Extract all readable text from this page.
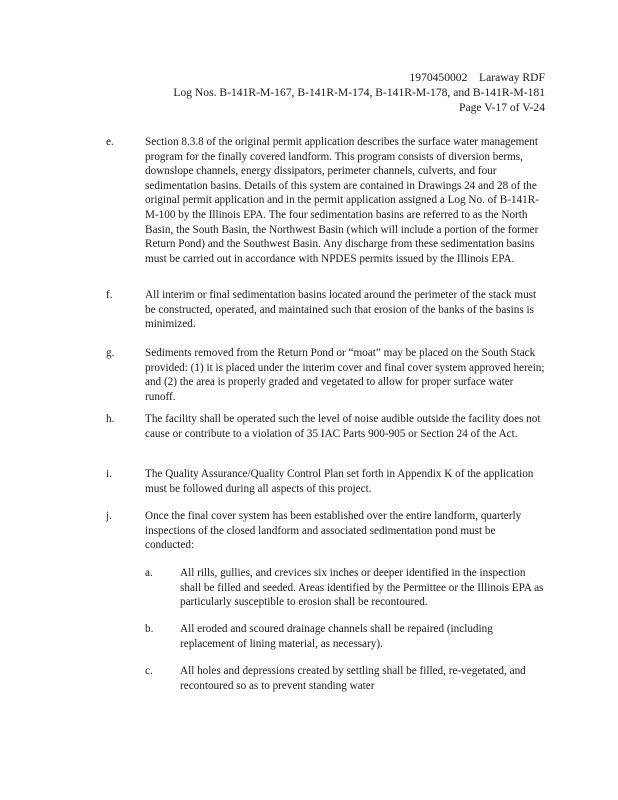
1970450002    Laraway RDF
Log Nos. B-141R-M-167, B-141R-M-174, B-141R-M-178, and B-141R-M-181
Page V-17 of V-24
e.	Section 8.3.8 of the original permit application describes the surface water management program for the finally covered landform. This program consists of diversion berms, downslope channels, energy dissipators, perimeter channels, culverts, and four sedimentation basins. Details of this system are contained in Drawings 24 and 28 of the original permit application and in the permit application assigned a Log No. of B-141R-M-100 by the Illinois EPA. The four sedimentation basins are referred to as the North Basin, the South Basin, the Northwest Basin (which will include a portion of the former Return Pond) and the Southwest Basin. Any discharge from these sedimentation basins must be carried out in accordance with NPDES permits issued by the Illinois EPA.
f.	All interim or final sedimentation basins located around the perimeter of the stack must be constructed, operated, and maintained such that erosion of the banks of the basins is minimized.
g.	Sediments removed from the Return Pond or “moat” may be placed on the South Stack provided: (1) it is placed under the interim cover and final cover system approved herein; and (2) the area is properly graded and vegetated to allow for proper surface water runoff.
h.	The facility shall be operated such the level of noise audible outside the facility does not cause or contribute to a violation of 35 IAC Parts 900-905 or Section 24 of the Act.
i.	The Quality Assurance/Quality Control Plan set forth in Appendix K of the application must be followed during all aspects of this project.
j.	Once the final cover system has been established over the entire landform, quarterly inspections of the closed landform and associated sedimentation pond must be conducted:
a. All rills, gullies, and crevices six inches or deeper identified in the inspection shall be filled and seeded. Areas identified by the Permittee or the Illinois EPA as particularly susceptible to erosion shall be recontoured.
b. All eroded and scoured drainage channels shall be repaired (including replacement of lining material, as necessary).
c. All holes and depressions created by settling shall be filled, re-vegetated, and recontoured so as to prevent standing water
